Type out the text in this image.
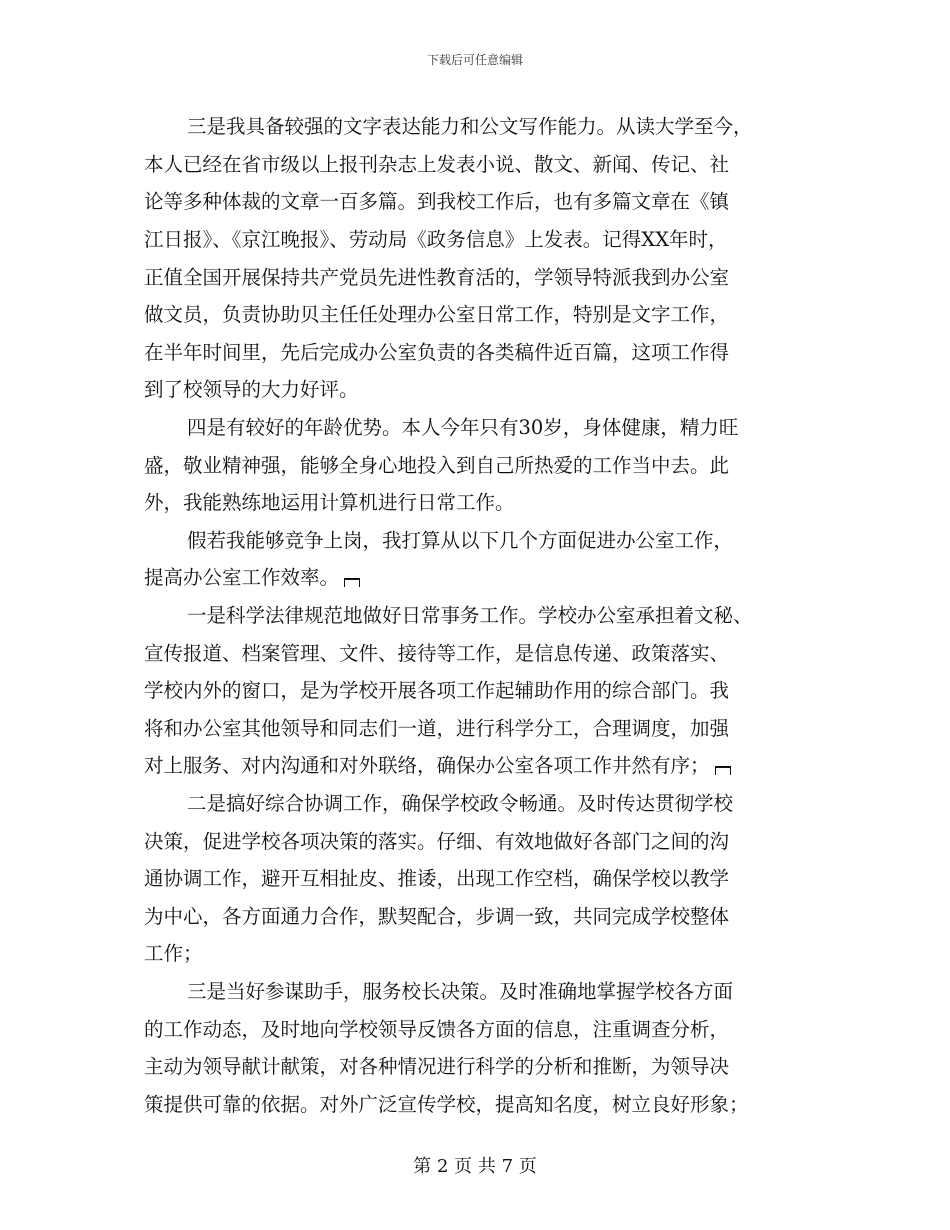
下载后可任意编辑
三是我具备较强的文字表达能力和公文写作能力。从读大学至今，
本人已经在省市级以上报刊杂志上发表小说、散文、新闻、传记、社
论等多种体裁的文章一百多篇。到我校工作后，也有多篇文章在《镇
江日报》、《京江晚报》、劳动局《政务信息》上发表。记得XX年时，
正值全国开展保持共产党员先进性教育活的，学领导特派我到办公室
做文员，负责协助贝主任任处理办公室日常工作，特别是文字工作，
在半年时间里，先后完成办公室负责的各类稿件近百篇，这项工作得
到了校领导的大力好评。
四是有较好的年龄优势。本人今年只有30岁，身体健康，精力旺
盛，敬业精神强，能够全身心地投入到自己所热爱的工作当中去。此
外，我能熟练地运用计算机进行日常工作。
假若我能够竞争上岗，我打算从以下几个方面促进办公室工作，
提高办公室工作效率。
一是科学法律规范地做好日常事务工作。学校办公室承担着文秘、
宣传报道、档案管理、文件、接待等工作，是信息传递、政策落实、
学校内外的窗口，是为学校开展各项工作起辅助作用的综合部门。我
将和办公室其他领导和同志们一道，进行科学分工，合理调度，加强
对上服务、对内沟通和对外联络，确保办公室各项工作井然有序；
二是搞好综合协调工作，确保学校政令畅通。及时传达贯彻学校
决策，促进学校各项决策的落实。仔细、有效地做好各部门之间的沟
通协调工作，避开互相扯皮、推诿，出现工作空档，确保学校以教学
为中心，各方面通力合作，默契配合，步调一致，共同完成学校整体
工作；
三是当好参谋助手，服务校长决策。及时准确地掌握学校各方面
的工作动态，及时地向学校领导反馈各方面的信息，注重调查分析，
主动为领导献计献策，对各种情况进行科学的分析和推断，为领导决
策提供可靠的依据。对外广泛宣传学校，提高知名度，树立良好形象；
第 2 页 共 7 页
